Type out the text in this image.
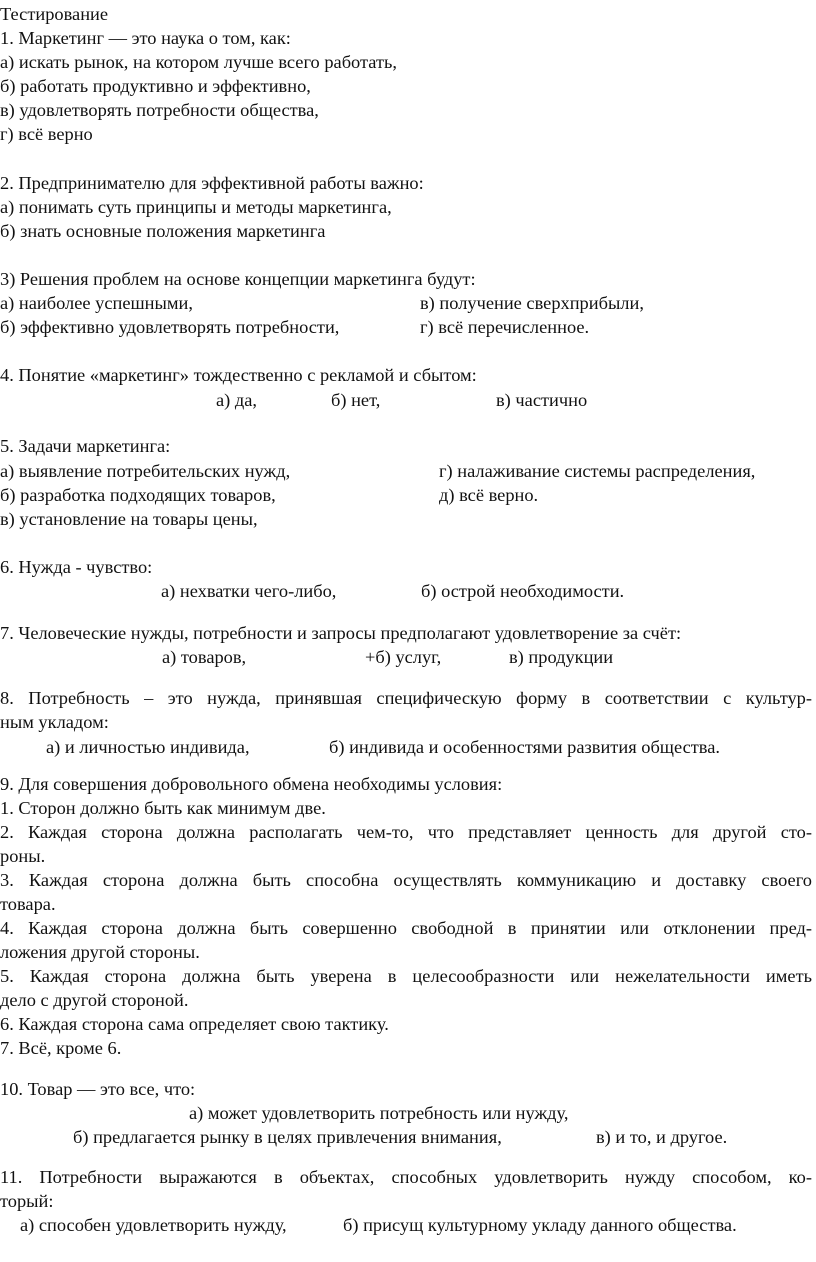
Тестирование
1. Маркетинг — это наука о том, как:
а) искать рынок, на котором лучше всего работать,
б) работать продуктивно и эффективно,
в) удовлетворять потребности общества,
г) всё верно
2. Предпринимателю для эффективной работы важно:
а) понимать суть принципы и методы маркетинга,
б) знать основные положения маркетинга
3) Решения проблем на основе концепции маркетинга будут:
а) наиболее успешными,	в) получение сверхприбыли,
б) эффективно удовлетворять потребности,	г) всё перечисленное.
4. Понятие «маркетинг» тождественно с рекламой и сбытом:
а) да,	б) нет,	в) частично
5. Задачи маркетинга:
а) выявление потребительских нужд,	г) налаживание системы распределения,
б) разработка подходящих товаров,	д) всё верно.
в) установление на товары цены,
6. Нужда - чувство:
а) нехватки чего-либо,	б) острой необходимости.
7. Человеческие нужды, потребности и запросы предполагают удовлетворение за счёт:
а) товаров,	+б) услуг,	в) продукции
8. Потребность – это нужда, принявшая специфическую форму в соответствии с культур-
ным укладом:
а) и личностью индивида,	б) индивида и особенностями развития общества.
9. Для совершения добровольного обмена необходимы условия:
1. Сторон должно быть как минимум две.
2. Каждая сторона должна располагать чем-то, что представляет ценность для другой сто-
роны.
3. Каждая сторона должна быть способна осуществлять коммуникацию и доставку своего
товара.
4. Каждая сторона должна быть совершенно свободной в принятии или отклонении пред-
ложения другой стороны.
5. Каждая сторона должна быть уверена в целесообразности или нежелательности иметь
дело с другой стороной.
6. Каждая сторона сама определяет свою тактику.
7. Всё, кроме 6.
10. Товар — это все, что:
а) может удовлетворить потребность или нужду,
б) предлагается рынку в целях привлечения внимания,	в) и то, и другое.
11. Потребности выражаются в объектах, способных удовлетворить нужду способом, ко-
торый:
а) способен удовлетворить нужду,	б) присущ культурному укладу данного общества.
